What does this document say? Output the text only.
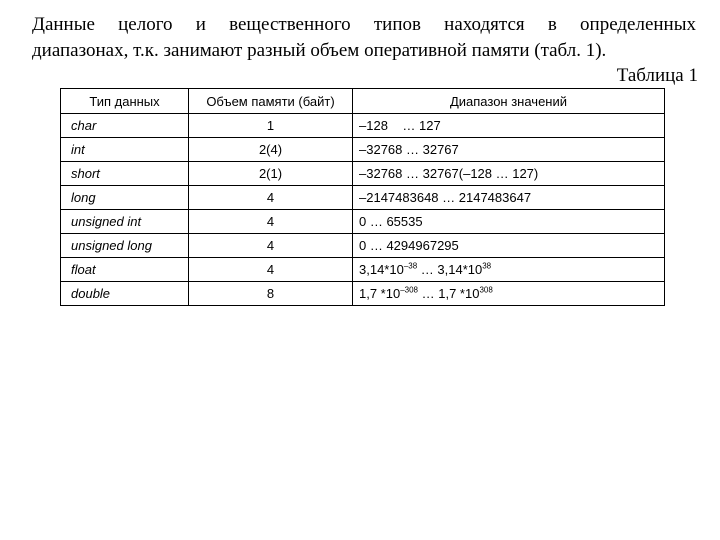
Данные целого и вещественного типов находятся в определенных
диапазонах, т.к. занимают разный объем оперативной памяти (табл. 1).
Таблица 1
Тип данных	Объем памяти (байт)	Диапазон значений
char	1	–128    … 127
int	2(4)	–32768 … 32767
short	2(1)	–32768 … 32767(–128 … 127)
long	4	–2147483648 … 2147483647
unsigned int	4	0 … 65535
unsigned long	4	0 … 4294967295
float	4	$3,14*10^{-38}$ … $3,14*10^{38}$
double	8	1,7 $*10^{-308}$ … 1,7 $*10^{308}$
